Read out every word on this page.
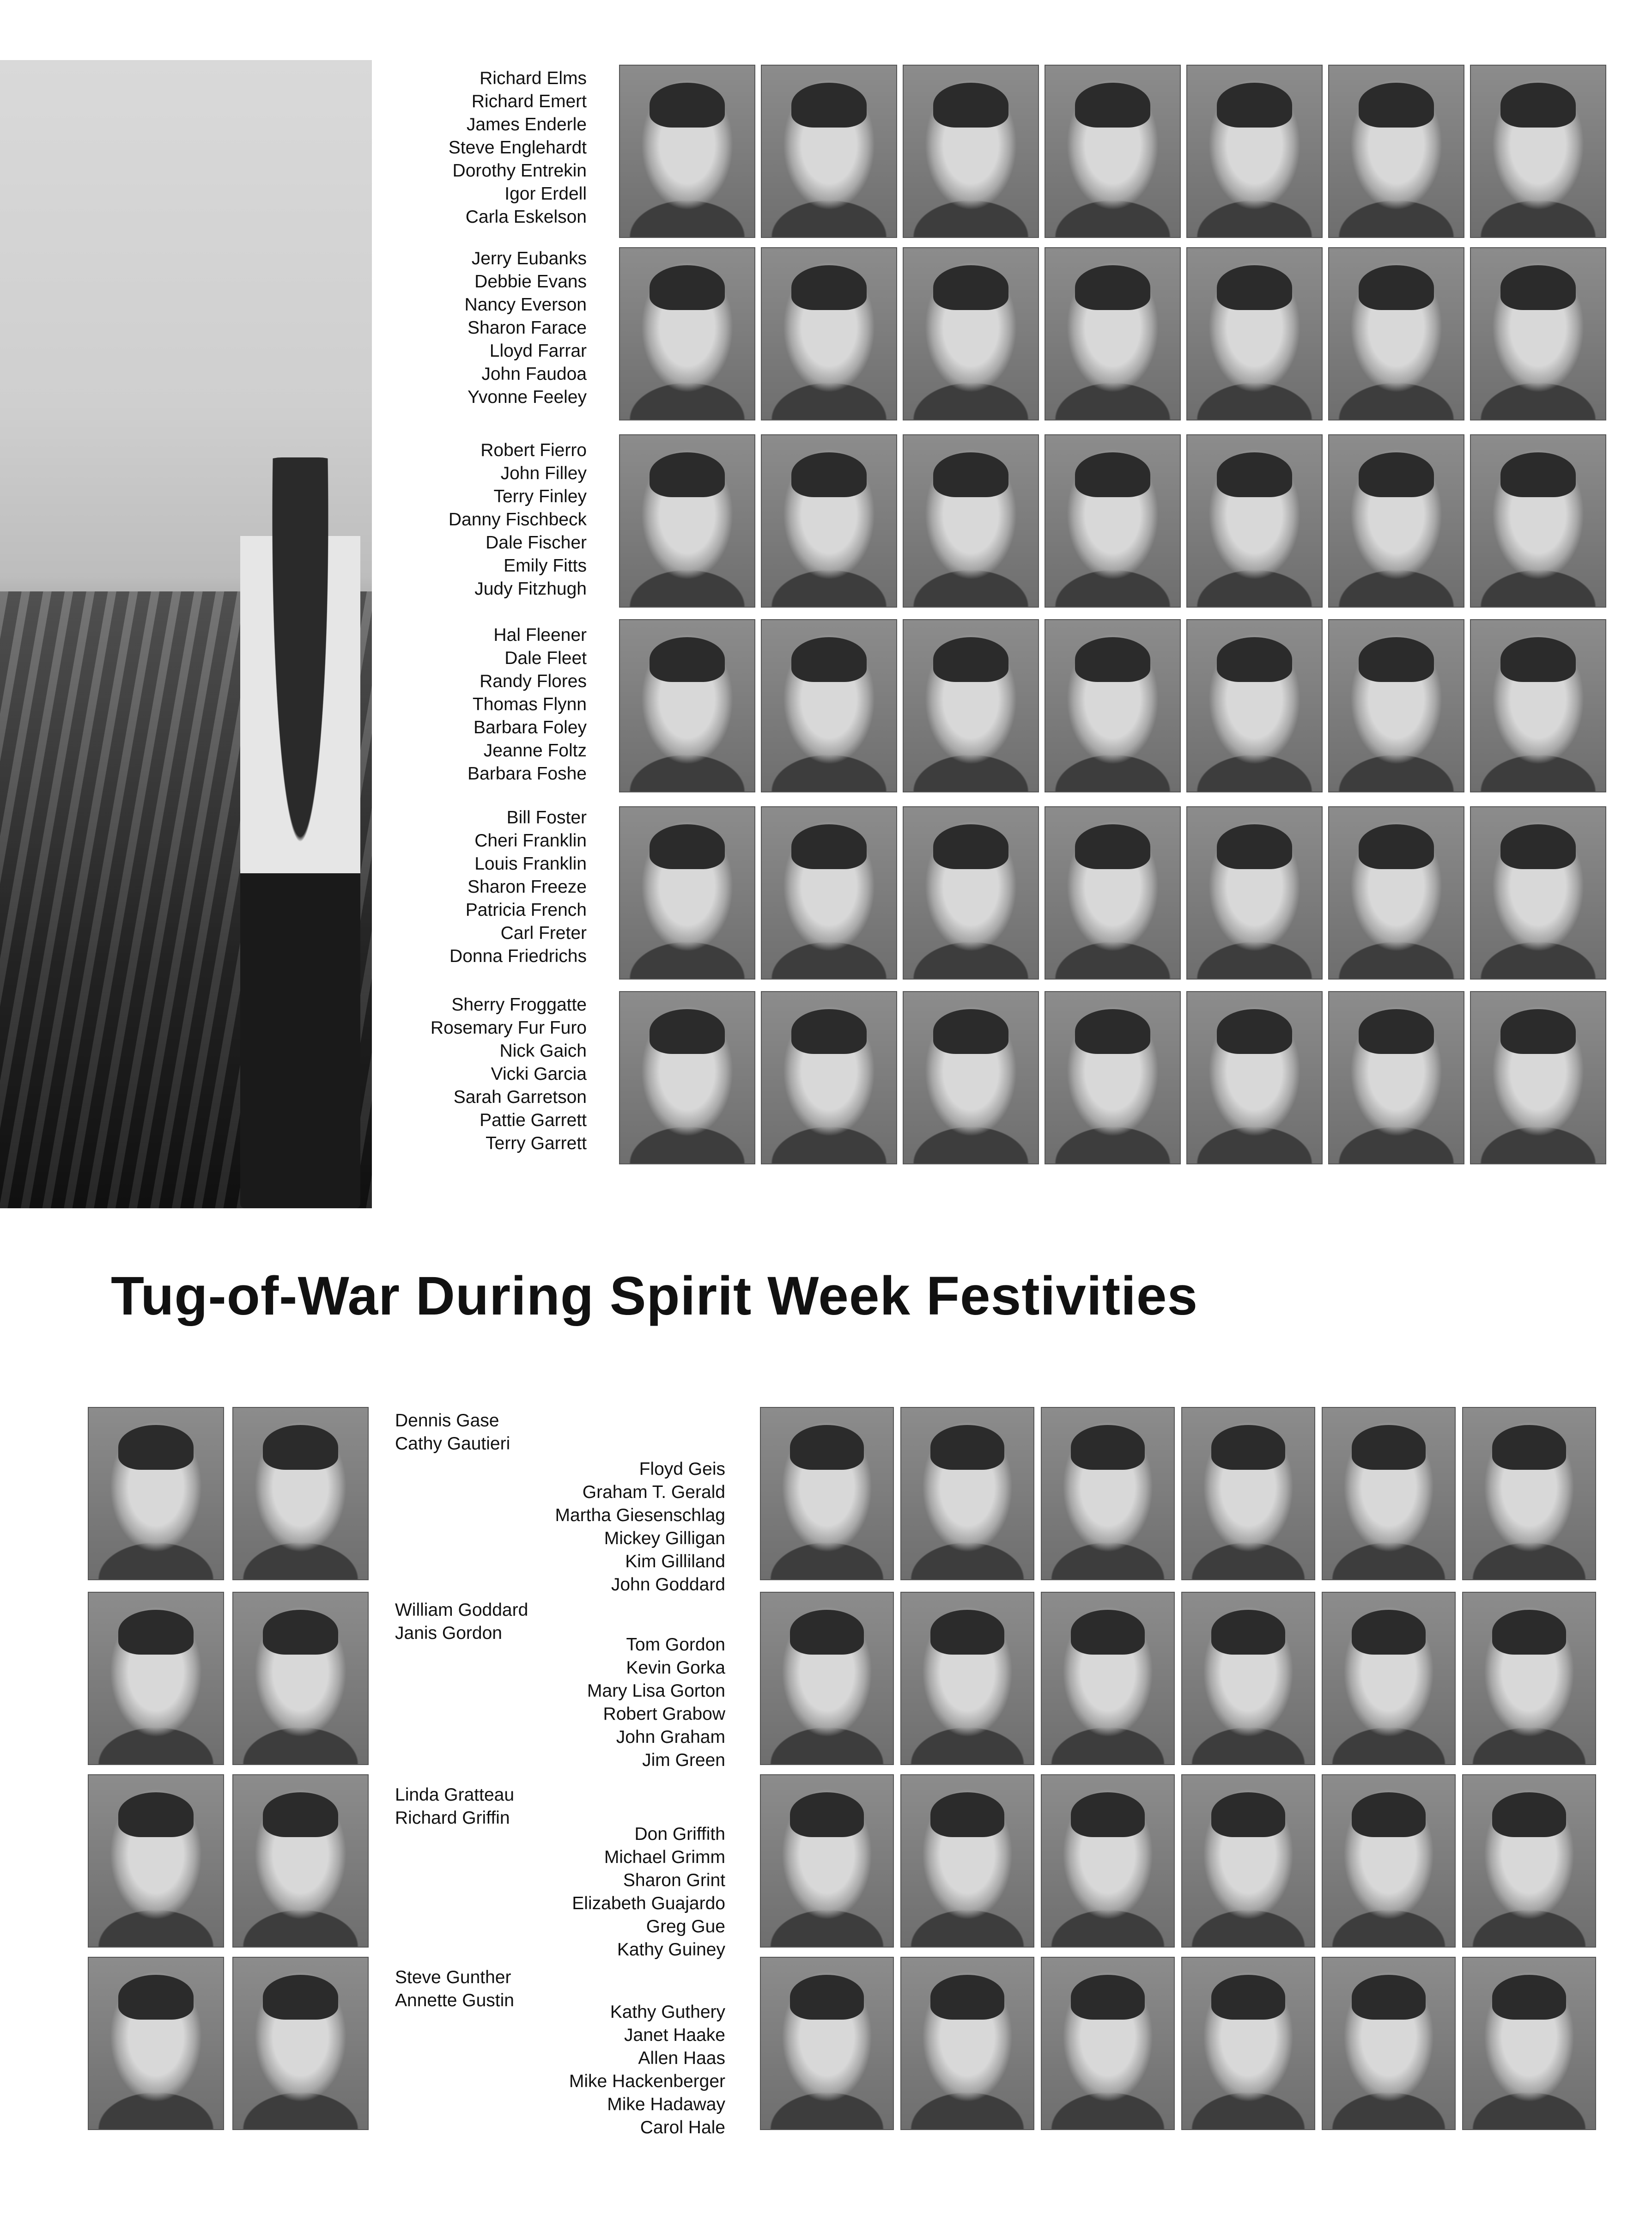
Richard Elms
Richard Emert
James Enderle
Steve Englehardt
Dorothy Entrekin
Igor Erdell
Carla Eskelson
Jerry Eubanks
Debbie Evans
Nancy Everson
Sharon Farace
Lloyd Farrar
John Faudoa
Yvonne Feeley
Robert Fierro
John Filley
Terry Finley
Danny Fischbeck
Dale Fischer
Emily Fitts
Judy Fitzhugh
Hal Fleener
Dale Fleet
Randy Flores
Thomas Flynn
Barbara Foley
Jeanne Foltz
Barbara Foshe
Bill Foster
Cheri Franklin
Louis Franklin
Sharon Freeze
Patricia French
Carl Freter
Donna Friedrichs
Sherry Froggatte
Rosemary Fur Furo
Nick Gaich
Vicki Garcia
Sarah Garretson
Pattie Garrett
Terry Garrett
Tug-of-War During Spirit Week Festivities
Dennis Gase
Cathy Gautieri
William Goddard
Janis Gordon
Linda Gratteau
Richard Griffin
Steve Gunther
Annette Gustin
Floyd Geis
Graham T. Gerald
Martha Giesenschlag
Mickey Gilligan
Kim Gilliland
John Goddard
Tom Gordon
Kevin Gorka
Mary Lisa Gorton
Robert Grabow
John Graham
Jim Green
Don Griffith
Michael Grimm
Sharon Grint
Elizabeth Guajardo
Greg Gue
Kathy Guiney
Kathy Guthery
Janet Haake
Allen Haas
Mike Hackenberger
Mike Hadaway
Carol Hale
